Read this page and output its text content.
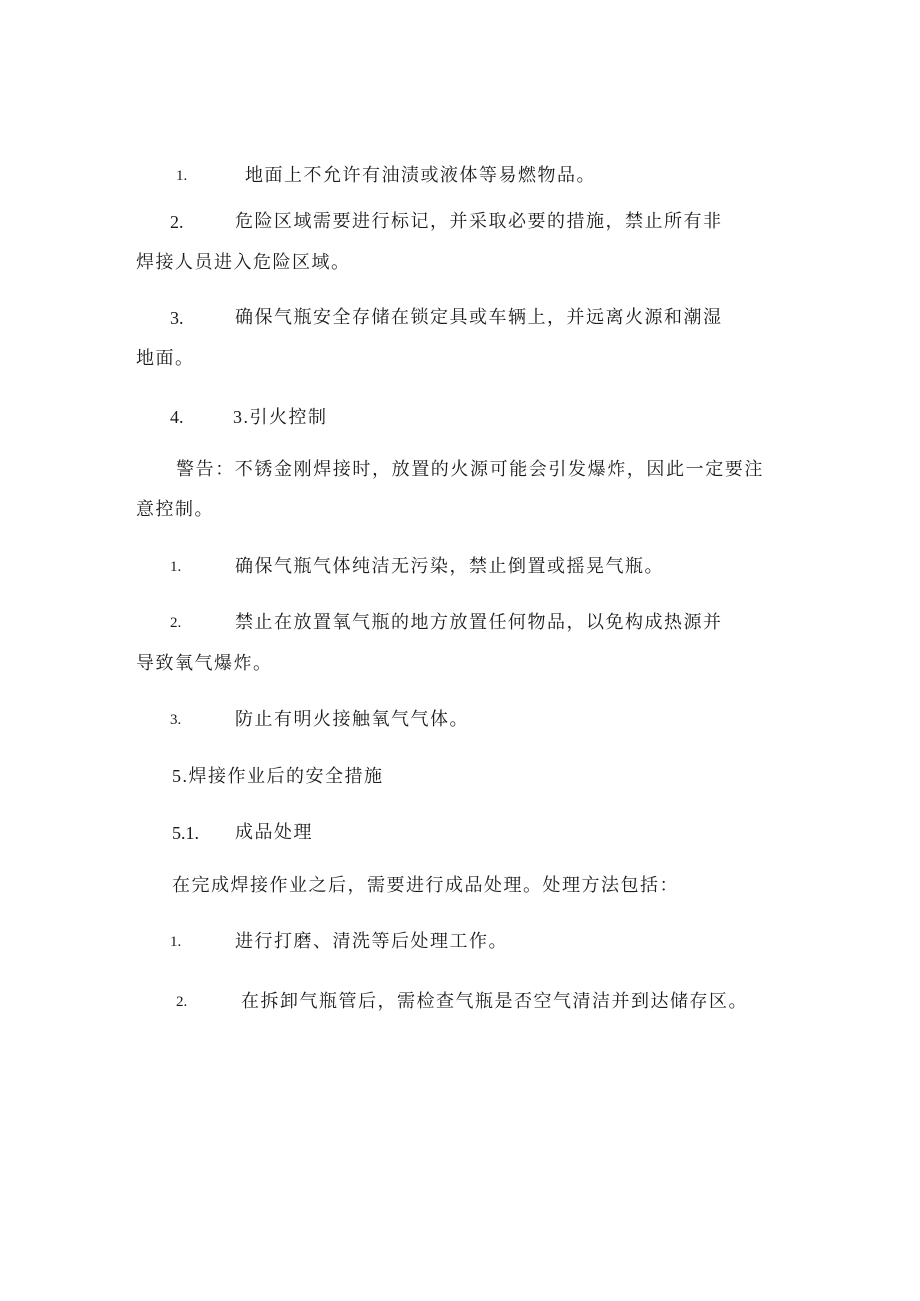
1.	地面上不允许有油渍或液体等易燃物品。
2.	危险区域需要进行标记，并采取必要的措施，禁止所有非
焊接人员进入危险区域。
3.	确保气瓶安全存储在锁定具或车辆上，并远离火源和潮湿
地面。
4.	3.引火控制
警告：不锈金刚焊接时，放置的火源可能会引发爆炸，因此一定要注
意控制。
1.	确保气瓶气体纯洁无污染，禁止倒置或摇晃气瓶。
2.	禁止在放置氧气瓶的地方放置任何物品，以免构成热源并
导致氧气爆炸。
3.	防止有明火接触氧气气体。
5.焊接作业后的安全措施
5.1. 成品处理
在完成焊接作业之后，需要进行成品处理。处理方法包括：
1.	进行打磨、清洗等后处理工作。
2.	在拆卸气瓶管后，需检查气瓶是否空气清洁并到达储存区。
